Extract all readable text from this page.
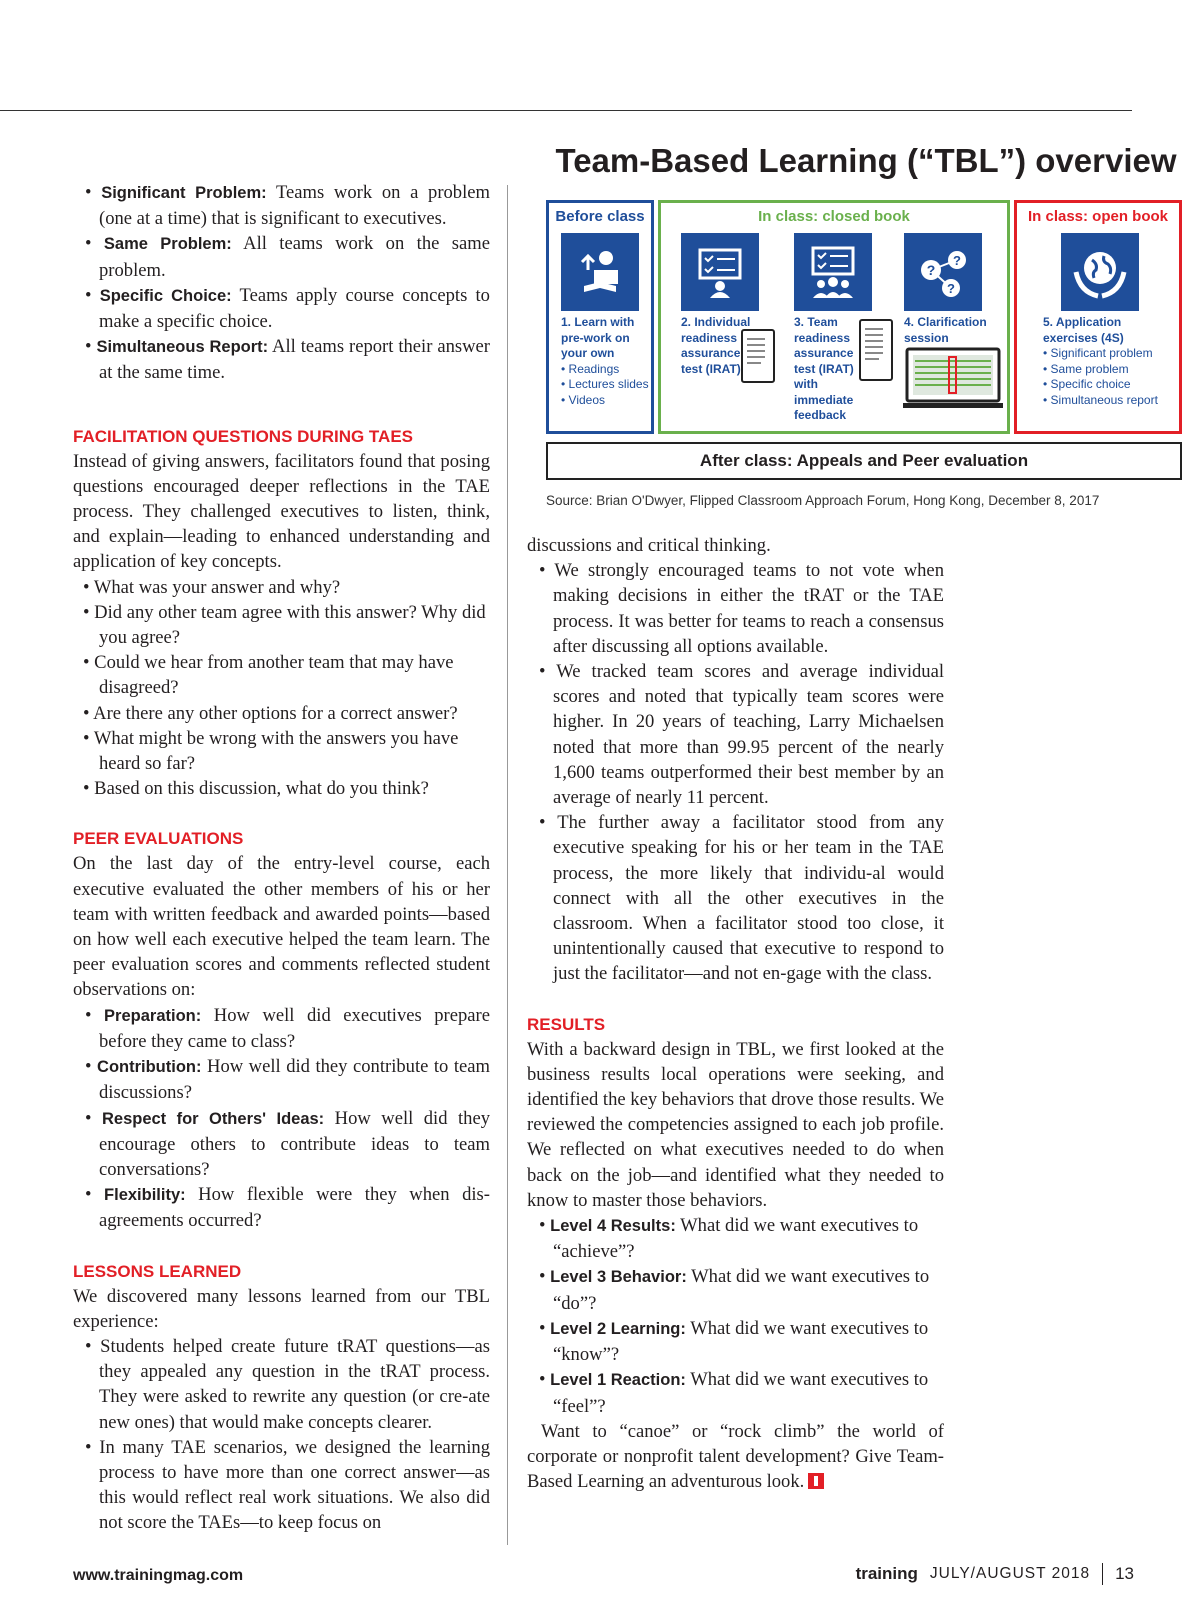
• Significant Problem: Teams work on a problem (one at a time) that is significant to executives.
• Same Problem: All teams work on the same problem.
• Specific Choice: Teams apply course concepts to make a specific choice.
• Simultaneous Report: All teams report their answer at the same time.
FACILITATION QUESTIONS DURING TAES

Instead of giving answers, facilitators found that posing questions encouraged deeper reflections in the TAE process. They challenged executives to listen, think, and explain—leading to enhanced understanding and application of key concepts.

• What was your answer and why?
• Did any other team agree with this answer? Why did you agree?
• Could we hear from another team that may have disagreed?
• Are there any other options for a correct answer?
• What might be wrong with the answers you have heard so far?
• Based on this discussion, what do you think?
PEER EVALUATIONS

On the last day of the entry-level course, each executive evaluated the other members of his or her team with written feedback and awarded points—based on how well each executive helped the team learn. The peer evaluation scores and comments reflected student observations on:

• Preparation: How well did executives prepare before they came to class?
• Contribution: How well did they contribute to team discussions?
• Respect for Others' Ideas: How well did they encourage others to contribute ideas to team conversations?
• Flexibility: How flexible were they when dis-agreements occurred?
LESSONS LEARNED

We discovered many lessons learned from our TBL experience:

• Students helped create future tRAT questions—as they appealed any question in the tRAT process. They were asked to rewrite any question (or cre-ate new ones) that would make concepts clearer.
• In many TAE scenarios, we designed the learning process to have more than one correct answer—as this would reflect real work situations. We also did not score the TAEs—to keep focus on
Team-Based Learning (“TBL”) overview
Before class
1. Learn with
pre-work on
your own
• Readings
• Lectures slides
• Videos
In class: closed book
?
?
?
2. Individual
readiness
assurance
test (IRAT)
3. Team
readiness
assurance
test (IRAT)
with
immediate
feedback
4. Clarification
session
In class: open book
5. Application
exercises (4S)
• Significant problem
• Same problem
• Specific choice
• Simultaneous report
After class: Appeals and Peer evaluation
Source: Brian O'Dwyer, Flipped Classroom Approach Forum, Hong Kong, December 8, 2017

discussions and critical thinking.

• We strongly encouraged teams to not vote when making decisions in either the tRAT or the TAE process. It was better for teams to reach a consensus after discussing all options available.
• We tracked team scores and average individual scores and noted that typically team scores were higher. In 20 years of teaching, Larry Michaelsen noted that more than 99.95 percent of the nearly 1,600 teams outperformed their best member by an average of nearly 11 percent.
• The further away a facilitator stood from any executive speaking for his or her team in the TAE process, the more likely that individu-al would connect with all the other executives in the classroom. When a facilitator stood too close, it unintentionally caused that executive to respond to just the facilitator—and not en-gage with the class.
RESULTS

With a backward design in TBL, we first looked at the business results local operations were seeking, and identified the key behaviors that drove those results. We reviewed the competencies assigned to each job profile. We reflected on what executives needed to do when back on the job—and identified what they needed to know to master those behaviors.

• Level 4 Results: What did we want executives to “achieve”?
• Level 3 Behavior: What did we want executives to “do”?
• Level 2 Learning: What did we want executives to “know”?
• Level 1 Reaction: What did we want executives to “feel”?

Want to “canoe” or “rock climb” the world of corporate or nonprofit talent development? Give Team-Based Learning an adventurous look.

www.trainingmag.com	training JULY/AUGUST 2018 13
